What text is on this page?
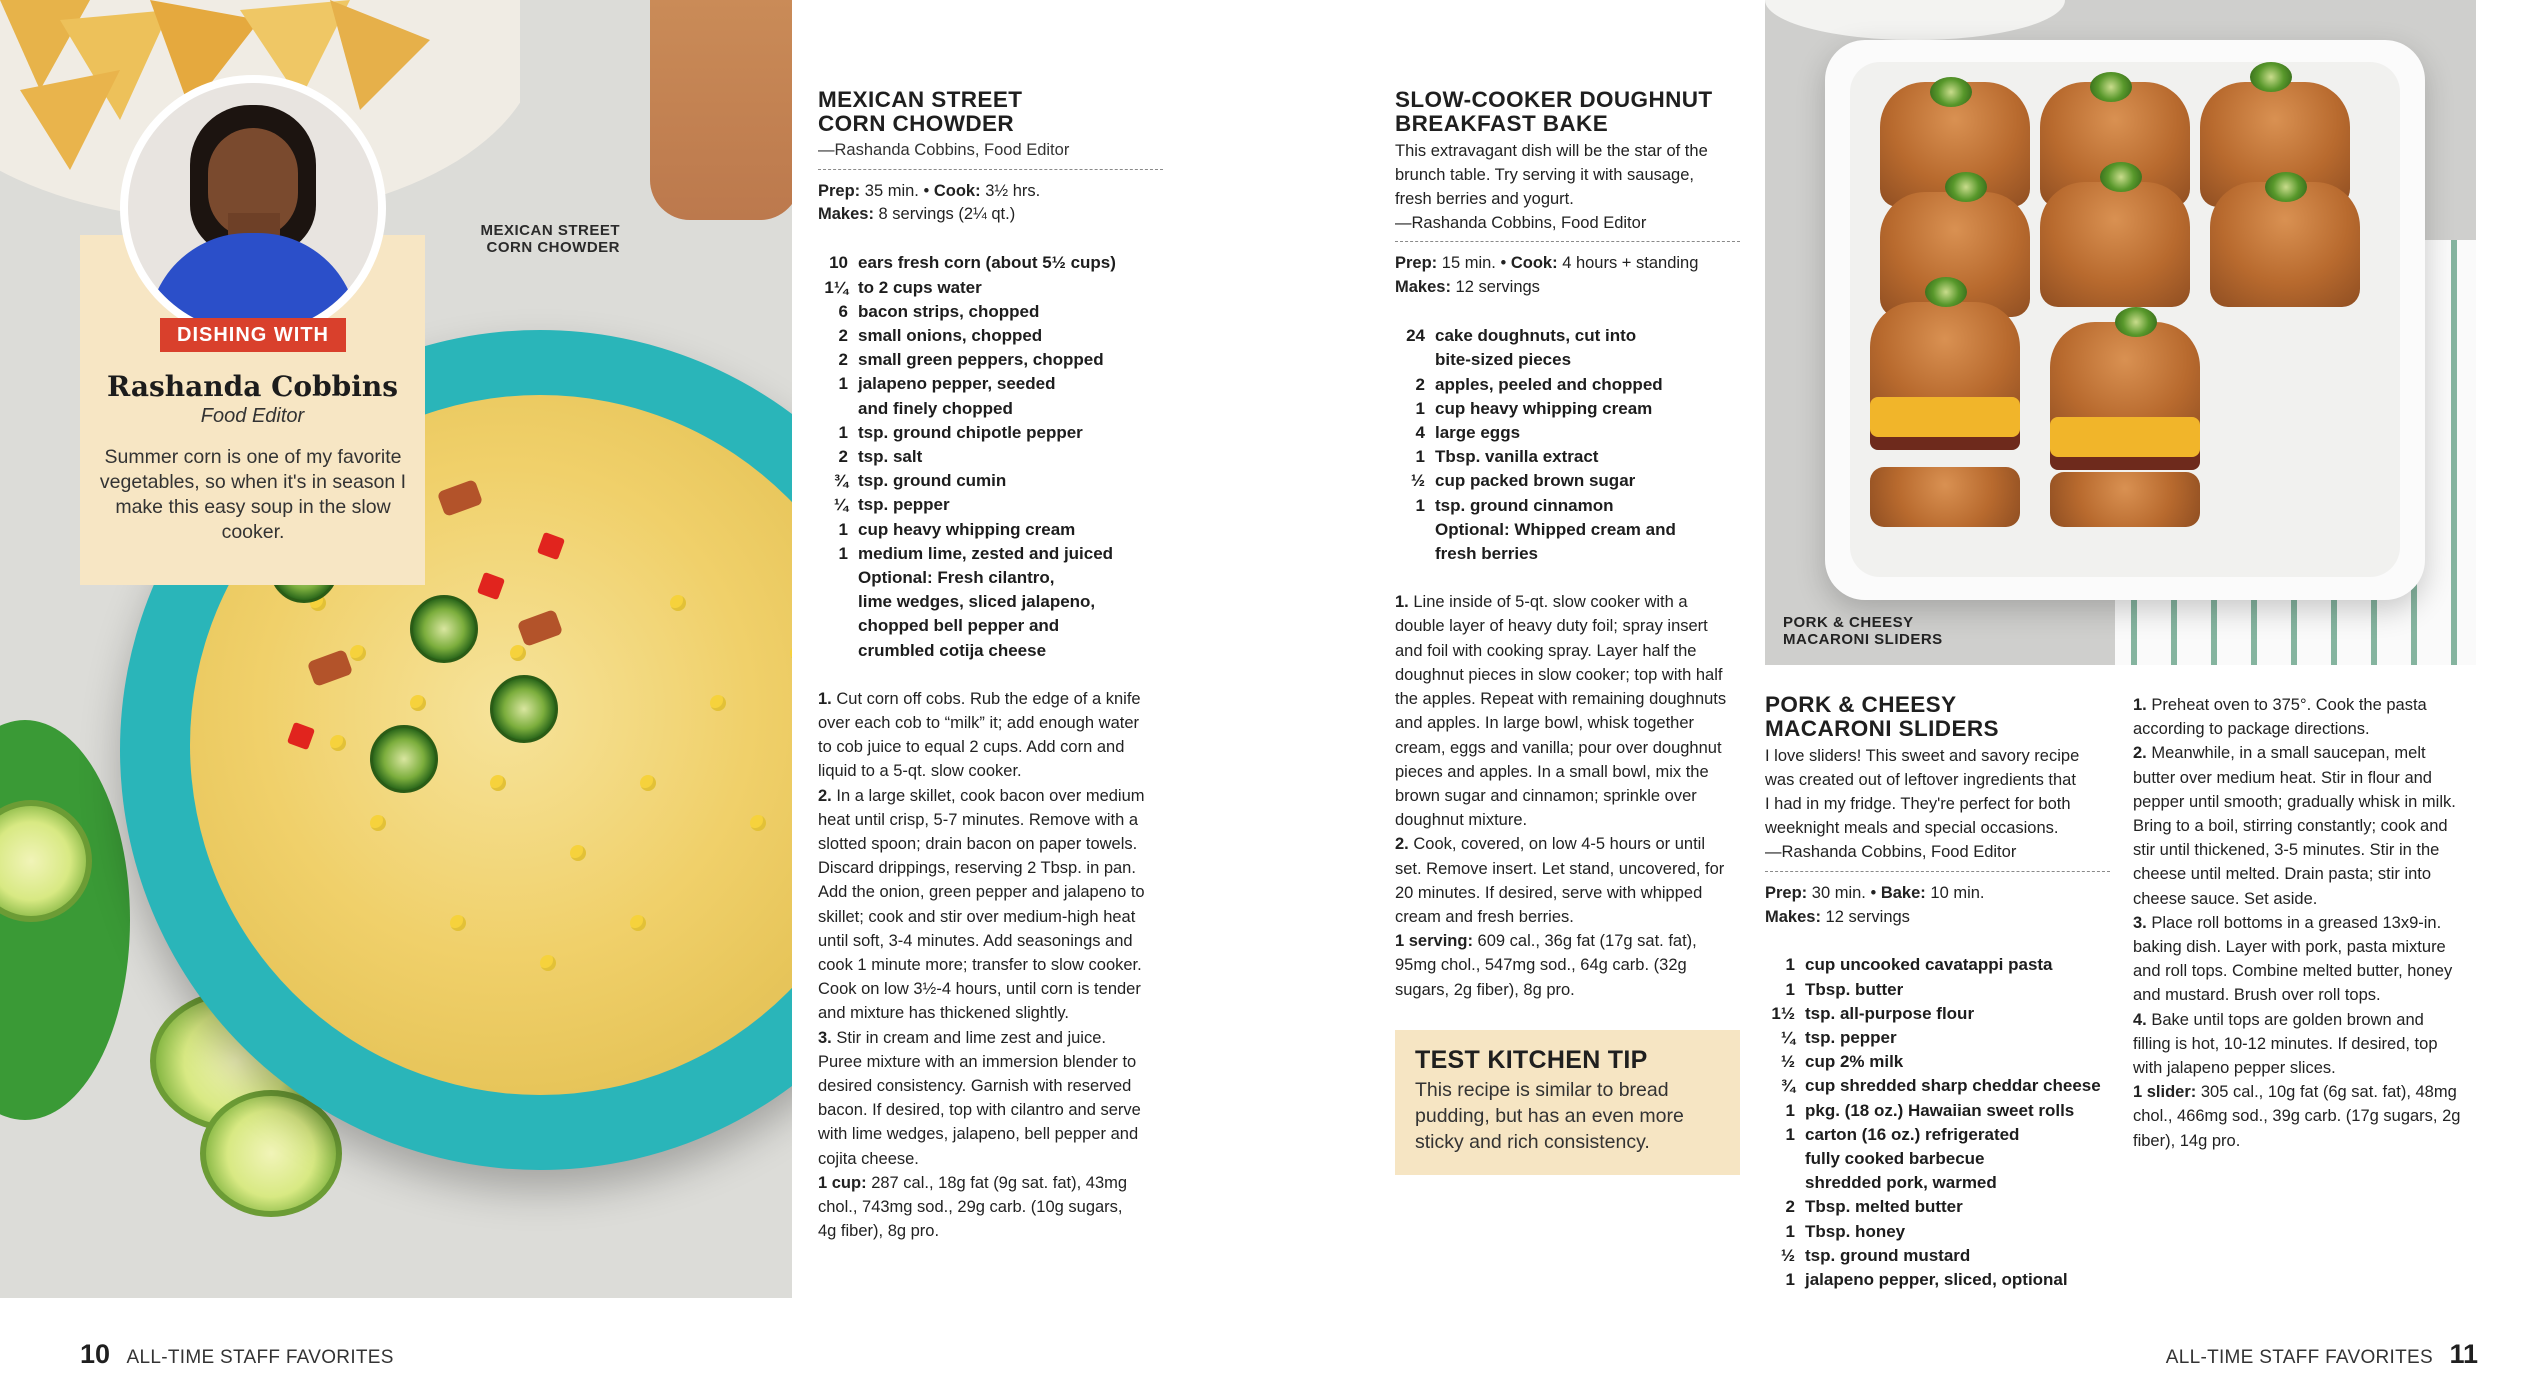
MEXICAN STREET
CORN CHOWDER
DISHING WITH
Rashanda Cobbins
Food Editor
Summer corn is one of my favorite vegetables, so when it's in season I make this easy soup in the slow cooker.
MEXICAN STREET
CORN CHOWDER
—Rashanda Cobbins, Food Editor
Prep: 35 min. • Cook: 3½ hrs.
Makes: 8 servings (2¼ qt.)
10 ears fresh corn (about 5½ cups)
1¼ to 2 cups water
6 bacon strips, chopped
2 small onions, chopped
2 small green peppers, chopped
1 jalapeno pepper, seeded
and finely chopped
1 tsp. ground chipotle pepper
2 tsp. salt
¾ tsp. ground cumin
¼ tsp. pepper
1 cup heavy whipping cream
1 medium lime, zested and juiced
Optional: Fresh cilantro,
lime wedges, sliced jalapeno,
chopped bell pepper and
crumbled cotija cheese
1. Cut corn off cobs. Rub the edge of a knife
over each cob to “milk” it; add enough water
to cob juice to equal 2 cups. Add corn and
liquid to a 5-qt. slow cooker.
2. In a large skillet, cook bacon over medium
heat until crisp, 5-7 minutes. Remove with a
slotted spoon; drain bacon on paper towels.
Discard drippings, reserving 2 Tbsp. in pan.
Add the onion, green pepper and jalapeno to
skillet; cook and stir over medium-high heat
until soft, 3-4 minutes. Add seasonings and
cook 1 minute more; transfer to slow cooker.
Cook on low 3½-4 hours, until corn is tender
and mixture has thickened slightly.
3. Stir in cream and lime zest and juice.
Puree mixture with an immersion blender to
desired consistency. Garnish with reserved
bacon. If desired, top with cilantro and serve
with lime wedges, jalapeno, bell pepper and
cojita cheese.
1 cup: 287 cal., 18g fat (9g sat. fat), 43mg
chol., 743mg sod., 29g carb. (10g sugars,
4g fiber), 8g pro.
SLOW-COOKER DOUGHNUT
BREAKFAST BAKE
This extravagant dish will be the star of the
brunch table. Try serving it with sausage,
fresh berries and yogurt.
—Rashanda Cobbins, Food Editor
Prep: 15 min. • Cook: 4 hours + standing
Makes: 12 servings
24 cake doughnuts, cut into
bite-sized pieces
2 apples, peeled and chopped
1 cup heavy whipping cream
4 large eggs
1 Tbsp. vanilla extract
½ cup packed brown sugar
1 tsp. ground cinnamon
Optional: Whipped cream and
fresh berries
1. Line inside of 5-qt. slow cooker with a
double layer of heavy duty foil; spray insert
and foil with cooking spray. Layer half the
doughnut pieces in slow cooker; top with half
the apples. Repeat with remaining doughnuts
and apples. In large bowl, whisk together
cream, eggs and vanilla; pour over doughnut
pieces and apples. In a small bowl, mix the
brown sugar and cinnamon; sprinkle over
doughnut mixture.
2. Cook, covered, on low 4-5 hours or until
set. Remove insert. Let stand, uncovered, for
20 minutes. If desired, serve with whipped
cream and fresh berries.
1 serving: 609 cal., 36g fat (17g sat. fat),
95mg chol., 547mg sod., 64g carb. (32g
sugars, 2g fiber), 8g pro.
TEST KITCHEN TIP
This recipe is similar to bread
pudding, but has an even more
sticky and rich consistency.
PORK & CHEESY
MACARONI SLIDERS
PORK & CHEESY
MACARONI SLIDERS
I love sliders! This sweet and savory recipe
was created out of leftover ingredients that
I had in my fridge. They're perfect for both
weeknight meals and special occasions.
—Rashanda Cobbins, Food Editor
Prep: 30 min. • Bake: 10 min.
Makes: 12 servings
1 cup uncooked cavatappi pasta
1 Tbsp. butter
1½ tsp. all-purpose flour
¼ tsp. pepper
½ cup 2% milk
¾ cup shredded sharp cheddar cheese
1 pkg. (18 oz.) Hawaiian sweet rolls
1 carton (16 oz.) refrigerated
fully cooked barbecue
shredded pork, warmed
2 Tbsp. melted butter
1 Tbsp. honey
½ tsp. ground mustard
1 jalapeno pepper, sliced, optional
1. Preheat oven to 375°. Cook the pasta
according to package directions.
2. Meanwhile, in a small saucepan, melt
butter over medium heat. Stir in flour and
pepper until smooth; gradually whisk in milk.
Bring to a boil, stirring constantly; cook and
stir until thickened, 3-5 minutes. Stir in the
cheese until melted. Drain pasta; stir into
cheese sauce. Set aside.
3. Place roll bottoms in a greased 13x9-in.
baking dish. Layer with pork, pasta mixture
and roll tops. Combine melted butter, honey
and mustard. Brush over roll tops.
4. Bake until tops are golden brown and
filling is hot, 10-12 minutes. If desired, top
with jalapeno pepper slices.
1 slider: 305 cal., 10g fat (6g sat. fat), 48mg
chol., 466mg sod., 39g carb. (17g sugars, 2g
fiber), 14g pro.
10 ALL-TIME STAFF FAVORITES	ALL-TIME STAFF FAVORITES 11
